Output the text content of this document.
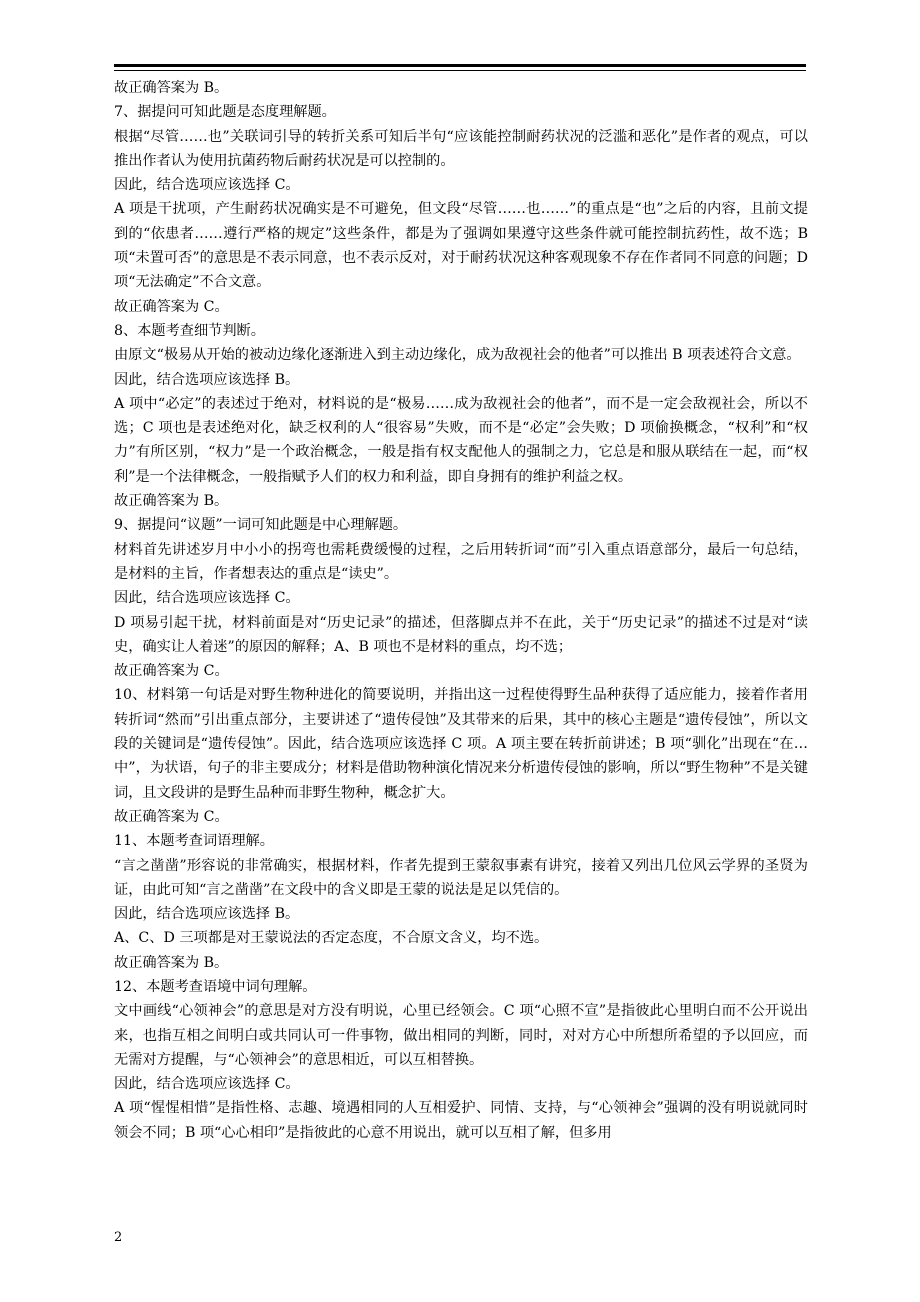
故正确答案为 B。

7、据提问可知此题是态度理解题。

根据“尽管……也”关联词引导的转折关系可知后半句“应该能控制耐药状况的泛滥和恶化”是作者的观点，可以推出作者认为使用抗菌药物后耐药状况是可以控制的。

因此，结合选项应该选择 C。

A 项是干扰项，产生耐药状况确实是不可避免，但文段“尽管……也……”的重点是“也”之后的内容，且前文提到的“依患者……遵行严格的规定”这些条件，都是为了强调如果遵守这些条件就可能控制抗药性，故不选；B 项“未置可否”的意思是不表示同意，也不表示反对，对于耐药状况这种客观现象不存在作者同不同意的问题；D 项“无法确定”不合文意。

故正确答案为 C。

8、本题考查细节判断。

由原文“极易从开始的被动边缘化逐渐进入到主动边缘化，成为敌视社会的他者”可以推出 B 项表述符合文意。

因此，结合选项应该选择 B。

A 项中“必定”的表述过于绝对，材料说的是“极易……成为敌视社会的他者”，而不是一定会敌视社会，所以不选；C 项也是表述绝对化，缺乏权利的人“很容易”失败，而不是“必定”会失败；D 项偷换概念，“权利”和“权力”有所区别，“权力”是一个政治概念，一般是指有权支配他人的强制之力，它总是和服从联结在一起，而“权利”是一个法律概念，一般指赋予人们的权力和利益，即自身拥有的维护利益之权。

故正确答案为 B。

9、据提问“议题”一词可知此题是中心理解题。

材料首先讲述岁月中小小的拐弯也需耗费缓慢的过程，之后用转折词“而”引入重点语意部分，最后一句总结，是材料的主旨，作者想表达的重点是“读史”。

因此，结合选项应该选择 C。

D 项易引起干扰，材料前面是对“历史记录”的描述，但落脚点并不在此，关于“历史记录”的描述不过是对“读史，确实让人着迷”的原因的解释；A、B 项也不是材料的重点，均不选；

故正确答案为 C。

10、材料第一句话是对野生物种进化的简要说明，并指出这一过程使得野生品种获得了适应能力，接着作者用转折词“然而”引出重点部分，主要讲述了“遗传侵蚀”及其带来的后果，其中的核心主题是“遗传侵蚀”，所以文段的关键词是“遗传侵蚀”。因此，结合选项应该选择 C 项。A 项主要在转折前讲述；B 项“驯化”出现在“在…中”，为状语，句子的非主要成分；材料是借助物种演化情况来分析遗传侵蚀的影响，所以“野生物种”不是关键词，且文段讲的是野生品种而非野生物种，概念扩大。

故正确答案为 C。

11、本题考查词语理解。

“言之凿凿”形容说的非常确实，根据材料，作者先提到王蒙叙事素有讲究，接着又列出几位风云学界的圣贤为证，由此可知“言之凿凿”在文段中的含义即是王蒙的说法是足以凭信的。

因此，结合选项应该选择 B。

A、C、D 三项都是对王蒙说法的否定态度，不合原文含义，均不选。

故正确答案为 B。

12、本题考查语境中词句理解。

文中画线“心领神会”的意思是对方没有明说，心里已经领会。C 项“心照不宣”是指彼此心里明白而不公开说出来，也指互相之间明白或共同认可一件事物，做出相同的判断，同时，对对方心中所想所希望的予以回应，而无需对方提醒，与“心领神会”的意思相近，可以互相替换。

因此，结合选项应该选择 C。

A 项“惺惺相惜”是指性格、志趣、境遇相同的人互相爱护、同情、支持，与“心领神会”强调的没有明说就同时领会不同；B 项“心心相印”是指彼此的心意不用说出，就可以互相了解，但多用

2
